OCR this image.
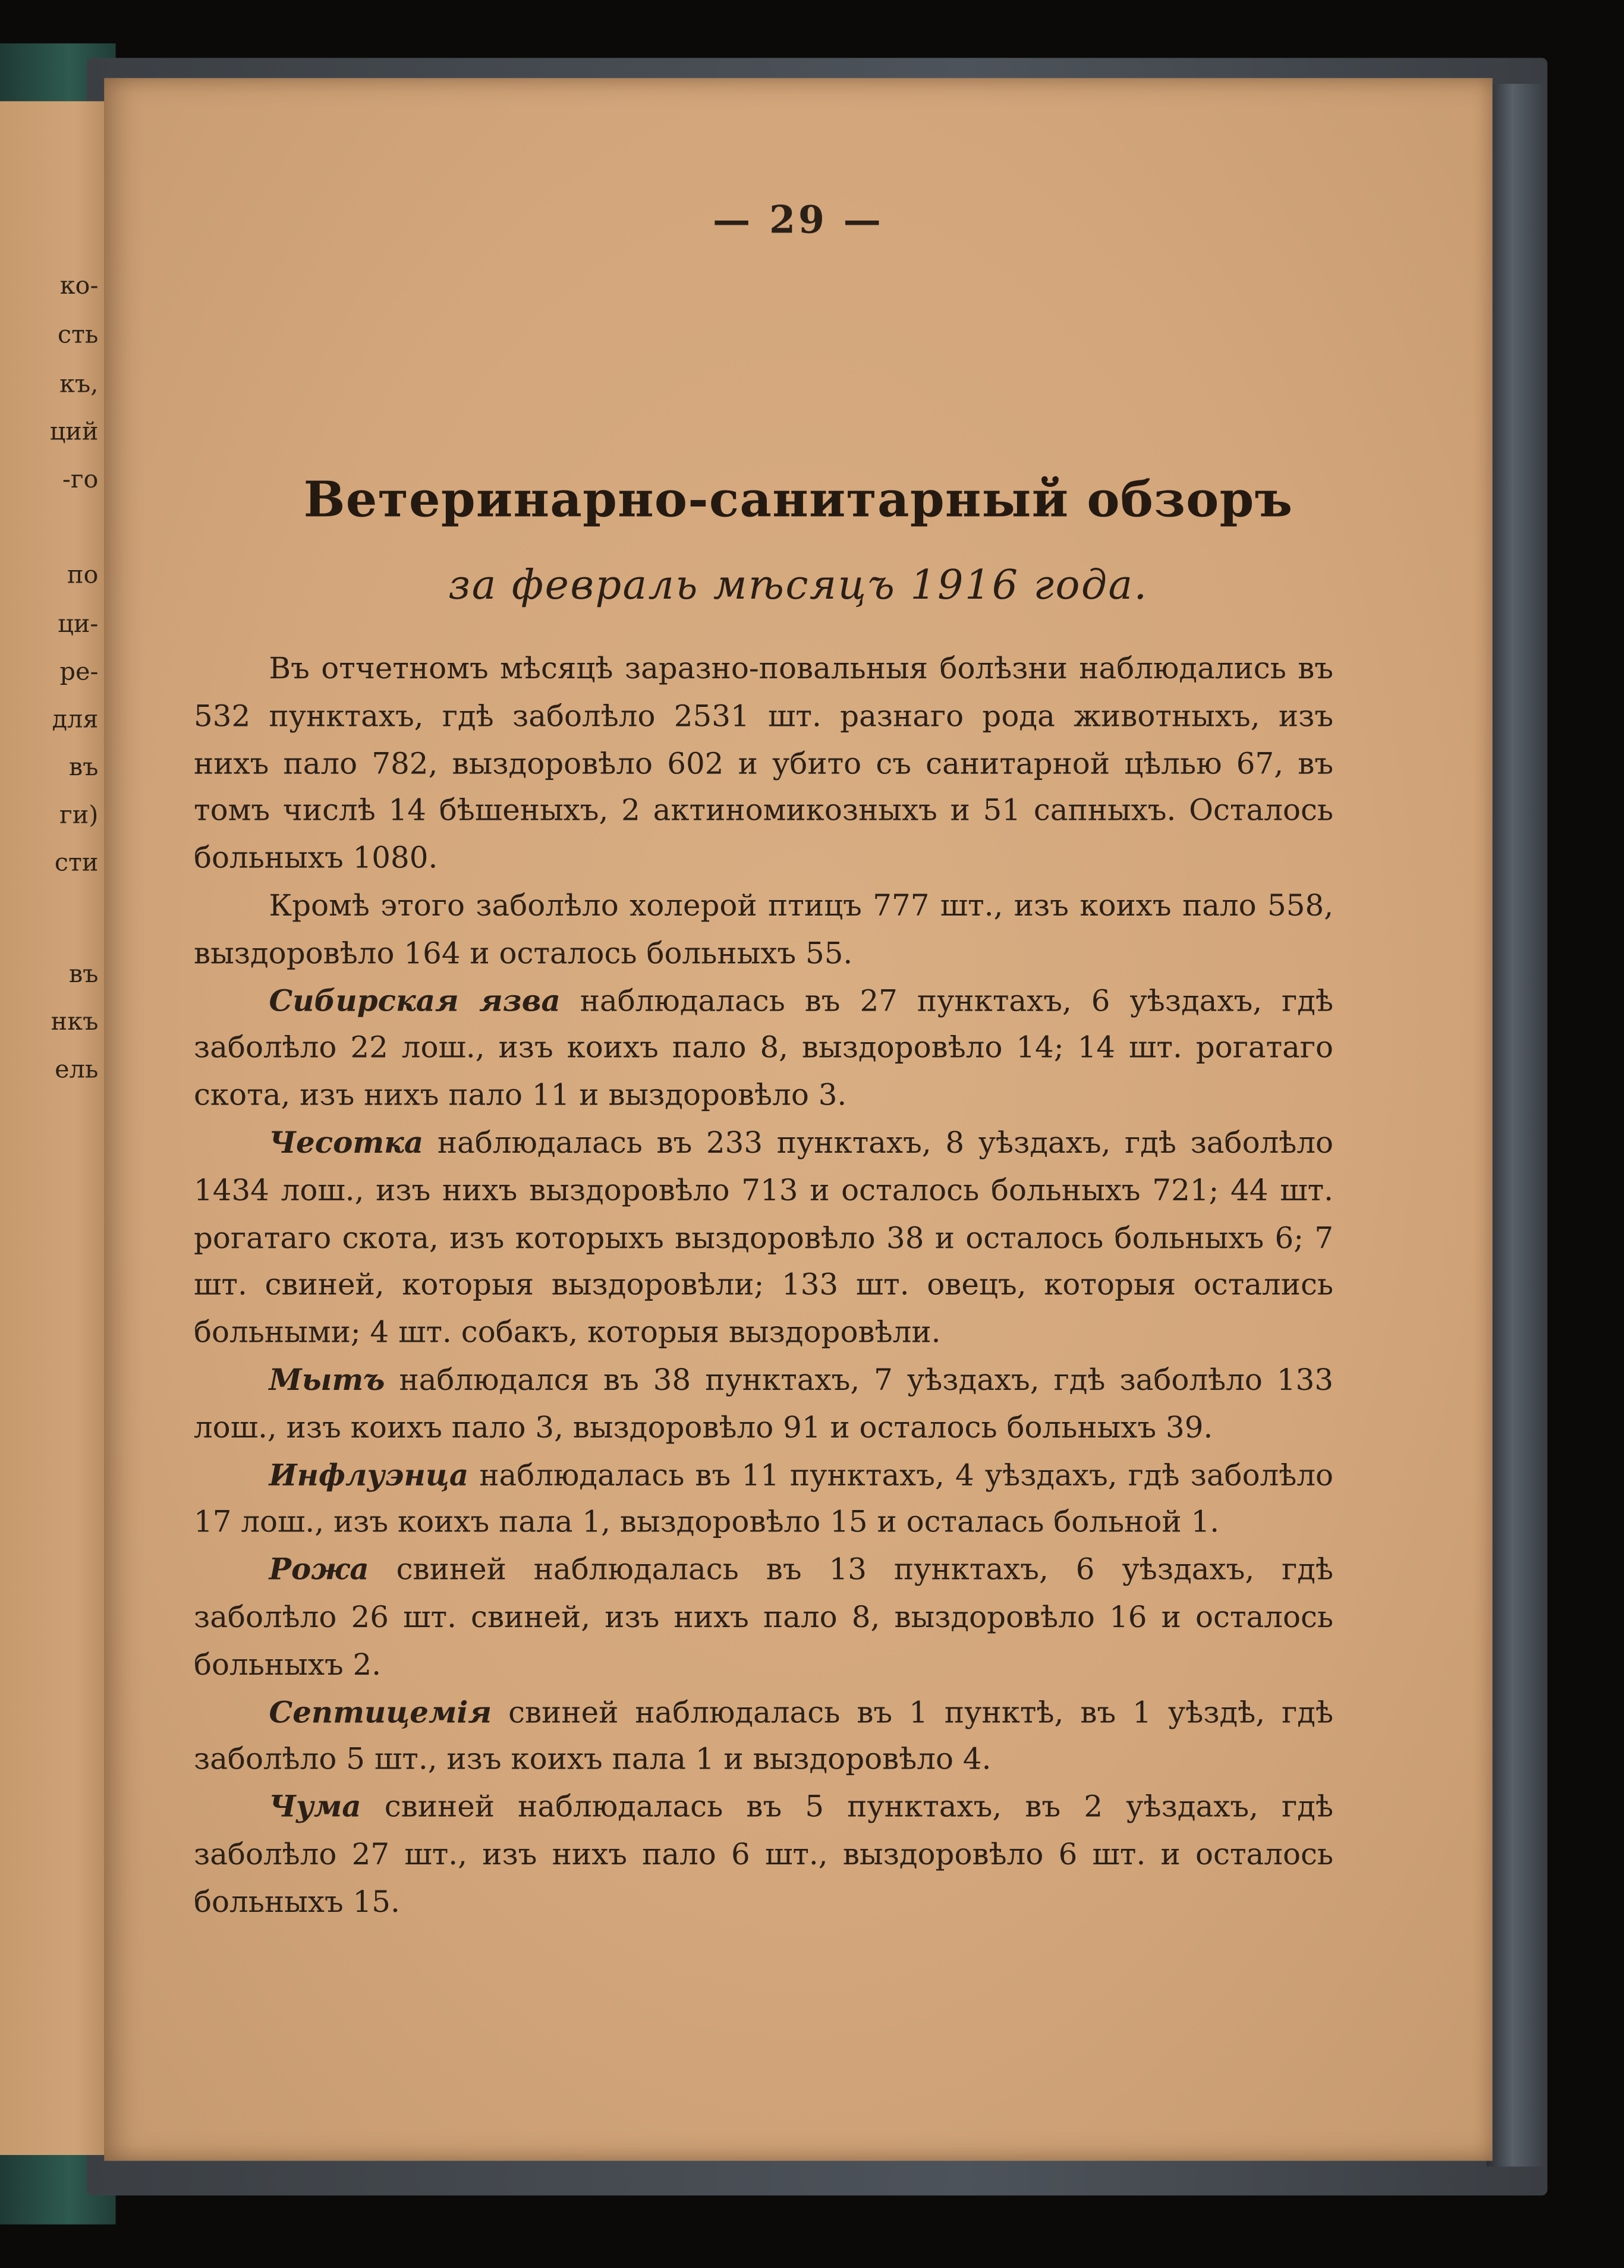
ко-
сть
къ,
ций
-го
по
ци-
ре-
для
въ
ги)
сти
въ
нкъ
ель
— 29 —
Ветеринарно-санитарный обзоръ
за февраль мѣсяцъ 1916 года.

Въ отчетномъ мѣсяцѣ заразно-повальныя болѣзни наблюдались въ 532 пунктахъ, гдѣ заболѣло 2531 шт. разнаго рода животныхъ, изъ нихъ пало 782, выздоровѣло 602 и убито съ санитарной цѣлью 67, въ томъ числѣ 14 бѣшеныхъ, 2 актиномикозныхъ и 51 сапныхъ. Осталось больныхъ 1080.

Кромѣ этого заболѣло холерой птицъ 777 шт., изъ коихъ пало 558, выздоровѣло 164 и осталось больныхъ 55.

Сибирская язва наблюдалась въ 27 пунктахъ, 6 уѣздахъ, гдѣ заболѣло 22 лош., изъ коихъ пало 8, выздоровѣло 14; 14 шт. рогатаго скота, изъ нихъ пало 11 и выздоровѣло 3.

Чесотка наблюдалась въ 233 пунктахъ, 8 уѣздахъ, гдѣ заболѣло 1434 лош., изъ нихъ выздоровѣло 713 и осталось больныхъ 721; 44 шт. рогатаго скота, изъ которыхъ выздоровѣло 38 и осталось больныхъ 6; 7 шт. свиней, которыя выздоровѣли; 133 шт. овецъ, которыя остались больными; 4 шт. собакъ, которыя выздоровѣли.

Мытъ наблюдался въ 38 пунктахъ, 7 уѣздахъ, гдѣ заболѣло 133 лош., изъ коихъ пало 3, выздоровѣло 91 и осталось больныхъ 39.

Инфлуэнца наблюдалась въ 11 пунктахъ, 4 уѣздахъ, гдѣ заболѣло 17 лош., изъ коихъ пала 1, выздоровѣло 15 и осталась больной 1.

Рожа свиней наблюдалась въ 13 пунктахъ, 6 уѣздахъ, гдѣ заболѣло 26 шт. свиней, изъ нихъ пало 8, выздоровѣло 16 и осталось больныхъ 2.

Септицемія свиней наблюдалась въ 1 пунктѣ, въ 1 уѣздѣ, гдѣ заболѣло 5 шт., изъ коихъ пала 1 и выздоровѣло 4.

Чума свиней наблюдалась въ 5 пунктахъ, въ 2 уѣздахъ, гдѣ заболѣло 27 шт., изъ нихъ пало 6 шт., выздоровѣло 6 шт. и осталось больныхъ 15.
